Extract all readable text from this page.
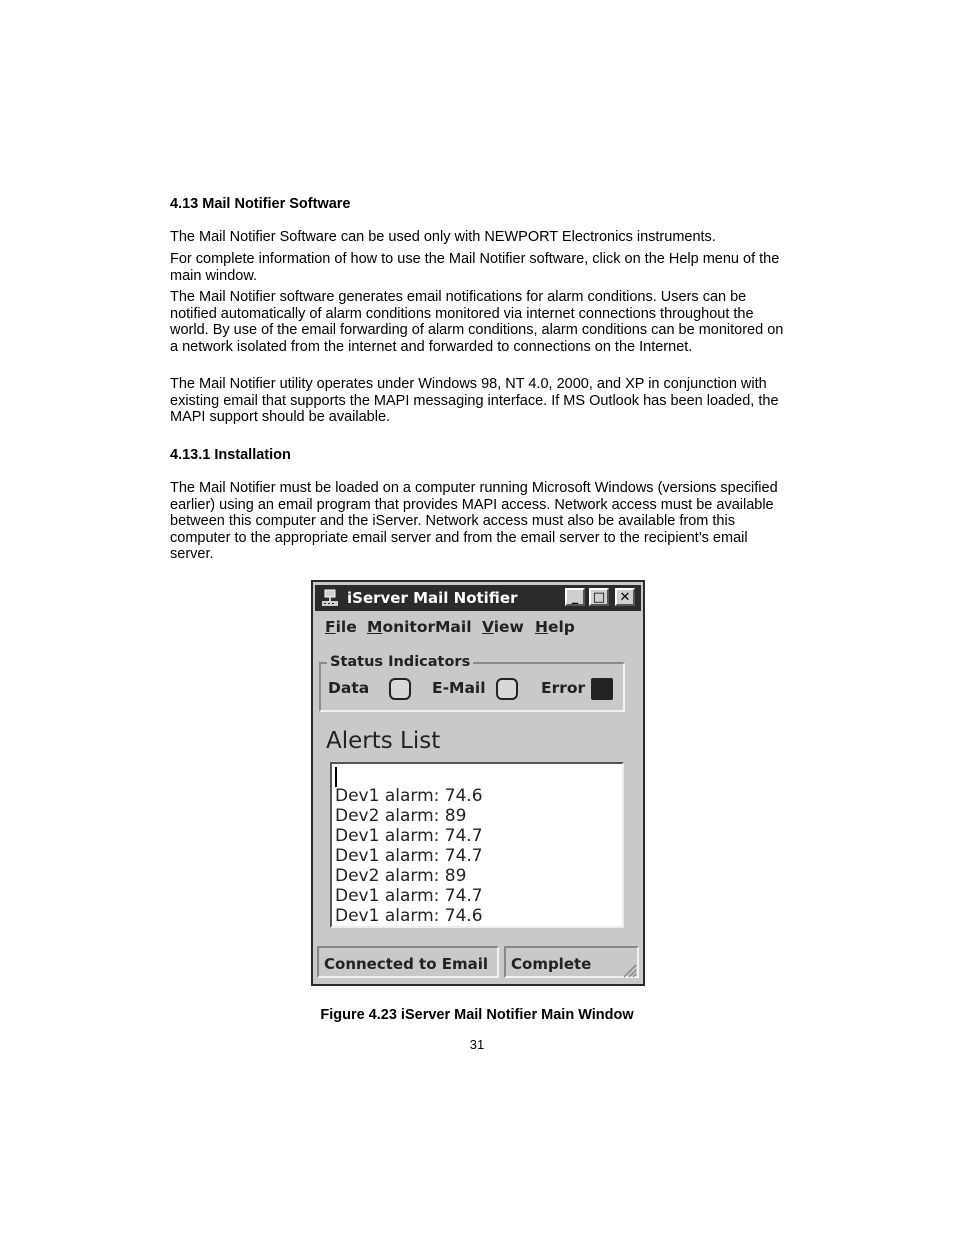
4.13 Mail Notifier Software

The Mail Notifier Software can be used only with NEWPORT Electronics instruments.

For complete information of how to use the Mail Notifier software, click on the Help menu of the main window.

The Mail Notifier software generates email notifications for alarm conditions. Users can be notified automatically of alarm conditions monitored via internet connections throughout the world. By use of the email forwarding of alarm conditions, alarm conditions can be monitored on a network isolated from the internet and forwarded to connections on the Internet.

The Mail Notifier utility operates under Windows 98, NT 4.0, 2000, and XP in conjunction with existing email that supports the MAPI messaging interface. If MS Outlook has been loaded, the MAPI support should be available.

4.13.1 Installation

The Mail Notifier must be loaded on a computer running Microsoft Windows (versions specified earlier) using an email program that provides MAPI access. Network access must be available between this computer and the iServer. Network access must also be available from this computer to the appropriate email server and from the email server to the recipient’s email server.

iServer Mail Notifier	_ □ ✕
File Monitor Mail View Help
Status Indicators
Data	E-Mail	Error
Alerts List
Dev1 alarm: 74.6
Dev2 alarm: 89
Dev1 alarm: 74.7
Dev1 alarm: 74.7
Dev2 alarm: 89
Dev1 alarm: 74.7
Dev1 alarm: 74.6
Connected to Email	Complete

Figure 4.23 iServer Mail Notifier Main Window

31
